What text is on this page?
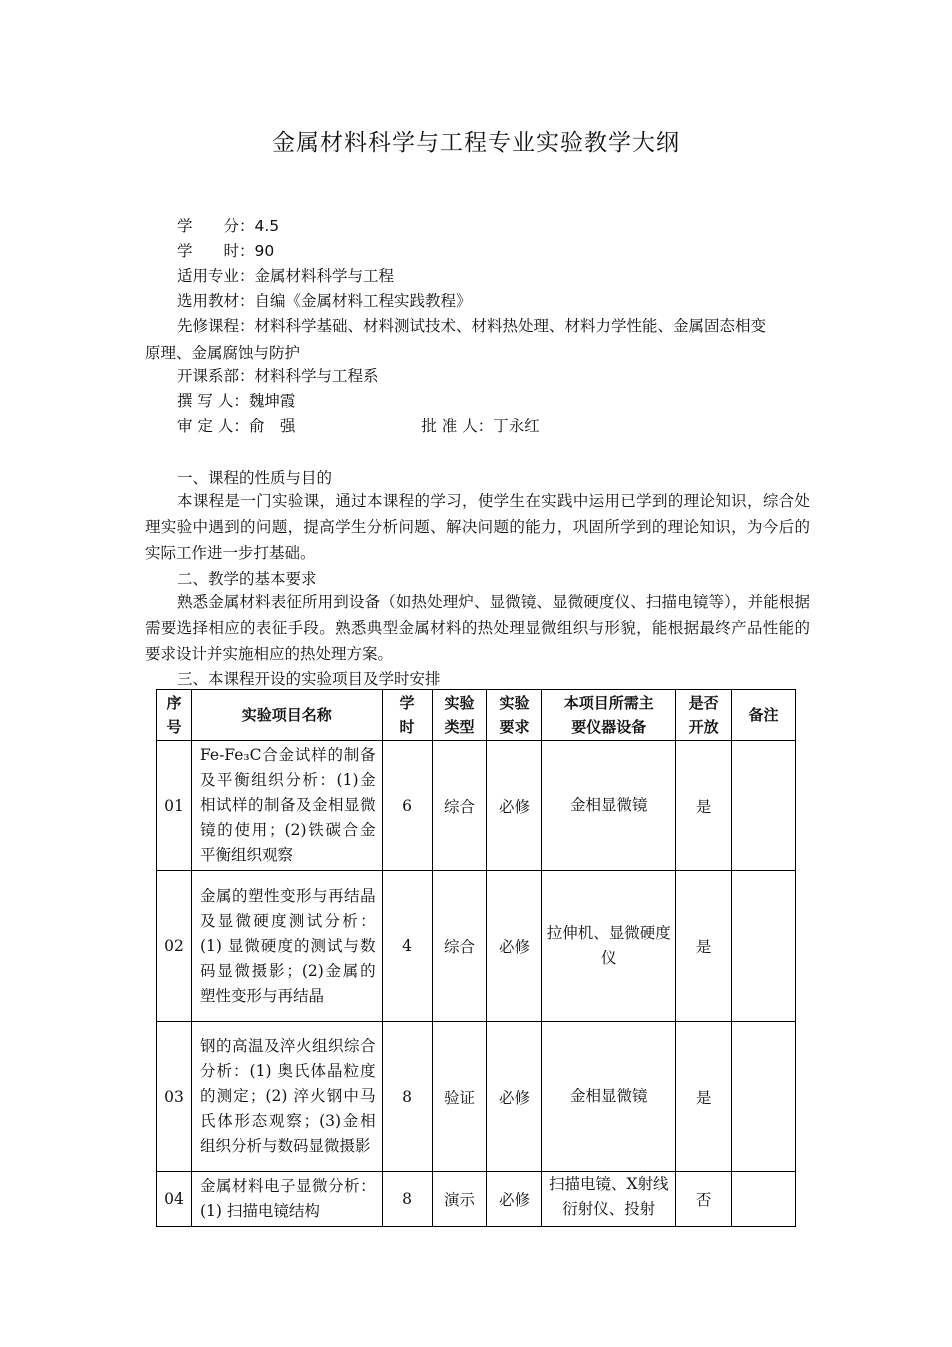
金属材料科学与工程专业实验教学大纲
学　　分：4.5
学　　时：90
适用专业：金属材料科学与工程
选用教材：自编《金属材料工程实践教程》
先修课程：材料科学基础、材料测试技术、材料热处理、材料力学性能、金属固态相变
原理、金属腐蚀与防护
开课系部：材料科学与工程系
撰 写 人：魏坤霞
审 定 人：俞　强	批 准 人：丁永红
一、课程的性质与目的
本课程是一门实验课，通过本课程的学习，使学生在实践中运用已学到的理论知识，综合处理实验中遇到的问题，提高学生分析问题、解决问题的能力，巩固所学到的理论知识，为今后的实际工作进一步打基础。
二、教学的基本要求
熟悉金属材料表征所用到设备（如热处理炉、显微镜、显微硬度仪、扫描电镜等），并能根据需要选择相应的表征手段。熟悉典型金属材料的热处理显微组织与形貌，能根据最终产品性能的要求设计并实施相应的热处理方案。
三、本课程开设的实验项目及学时安排
序号	实验项目名称	学时	实验类型	实验要求	本项目所需主要仪器设备	是否开放	备注
01	Fe-Fe₃C合金试样的制备及平衡组织分析：(1)金相试样的制备及金相显微镜的使用；(2)铁碳合金平衡组织观察	6	综合	必修	金相显微镜	是	
02	金属的塑性变形与再结晶及显微硬度测试分析：(1) 显微硬度的测试与数码显微摄影；(2)金属的塑性变形与再结晶	4	综合	必修	拉伸机、显微硬度仪	是	
03	钢的高温及淬火组织综合分析：(1) 奥氏体晶粒度的测定；(2) 淬火钢中马氏体形态观察；(3)金相组织分析与数码显微摄影	8	验证	必修	金相显微镜	是	
04	金属材料电子显微分析：(1) 扫描电镜结构	8	演示	必修	扫描电镜、X射线衍射仪、投射	否	
